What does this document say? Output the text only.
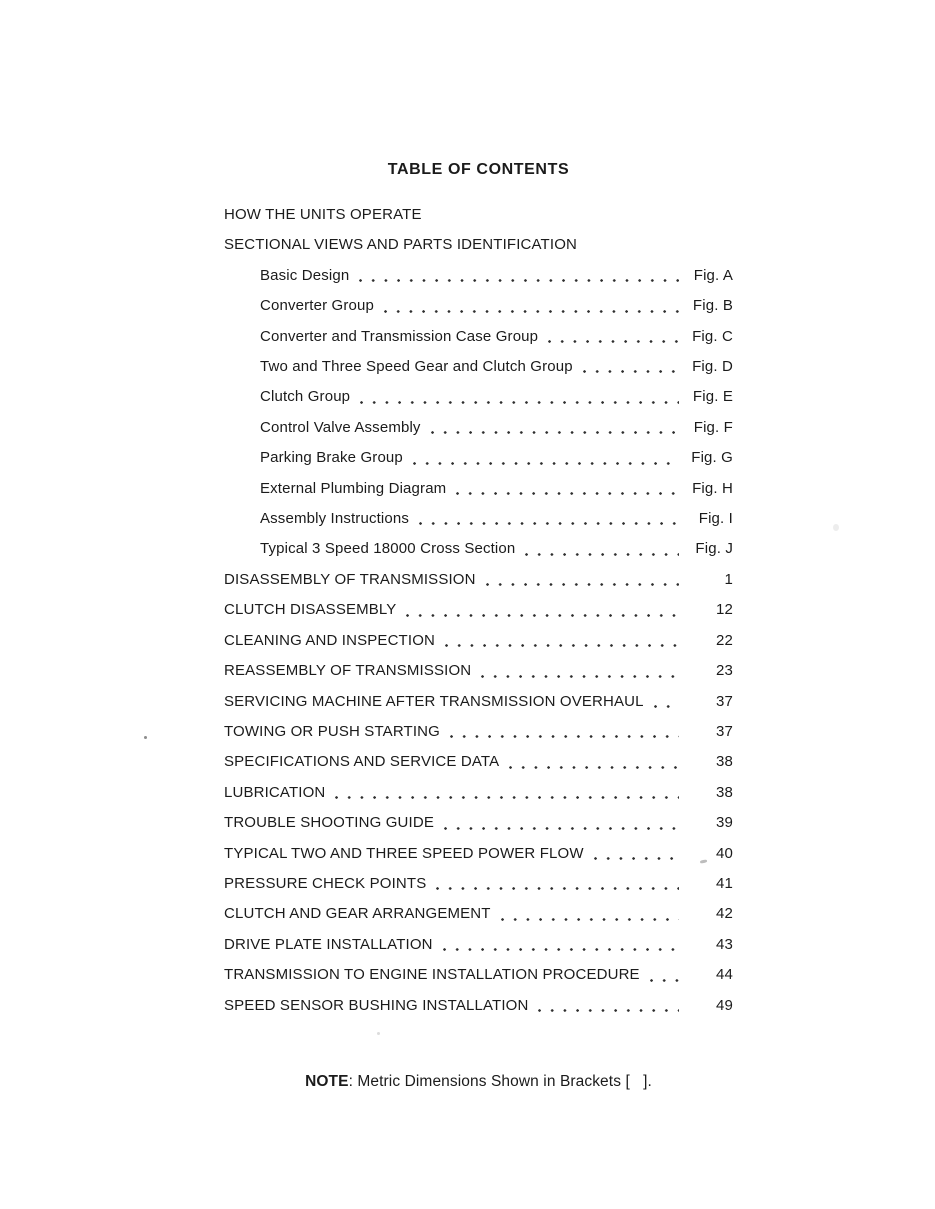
TABLE OF CONTENTS
HOW THE UNITS OPERATE
SECTIONAL VIEWS AND PARTS IDENTIFICATION
Basic Design	Fig. A
Converter Group	Fig. B
Converter and Transmission Case Group	Fig. C
Two and Three Speed Gear and Clutch Group	Fig. D
Clutch Group	Fig. E
Control Valve Assembly	Fig. F
Parking Brake Group	Fig. G
External Plumbing Diagram	Fig. H
Assembly Instructions	Fig. I
Typical 3 Speed 18000 Cross Section	Fig. J
DISASSEMBLY OF TRANSMISSION	1
CLUTCH DISASSEMBLY	12
CLEANING AND INSPECTION	22
REASSEMBLY OF TRANSMISSION	23
SERVICING MACHINE AFTER TRANSMISSION OVERHAUL	37
TOWING OR PUSH STARTING	37
SPECIFICATIONS AND SERVICE DATA	38
LUBRICATION	38
TROUBLE SHOOTING GUIDE	39
TYPICAL TWO AND THREE SPEED POWER FLOW	40
PRESSURE CHECK POINTS	41
CLUTCH AND GEAR ARRANGEMENT	42
DRIVE PLATE INSTALLATION	43
TRANSMISSION TO ENGINE INSTALLATION PROCEDURE	44
SPEED SENSOR BUSHING INSTALLATION	49

NOTE: Metric Dimensions Shown in Brackets [   ].
